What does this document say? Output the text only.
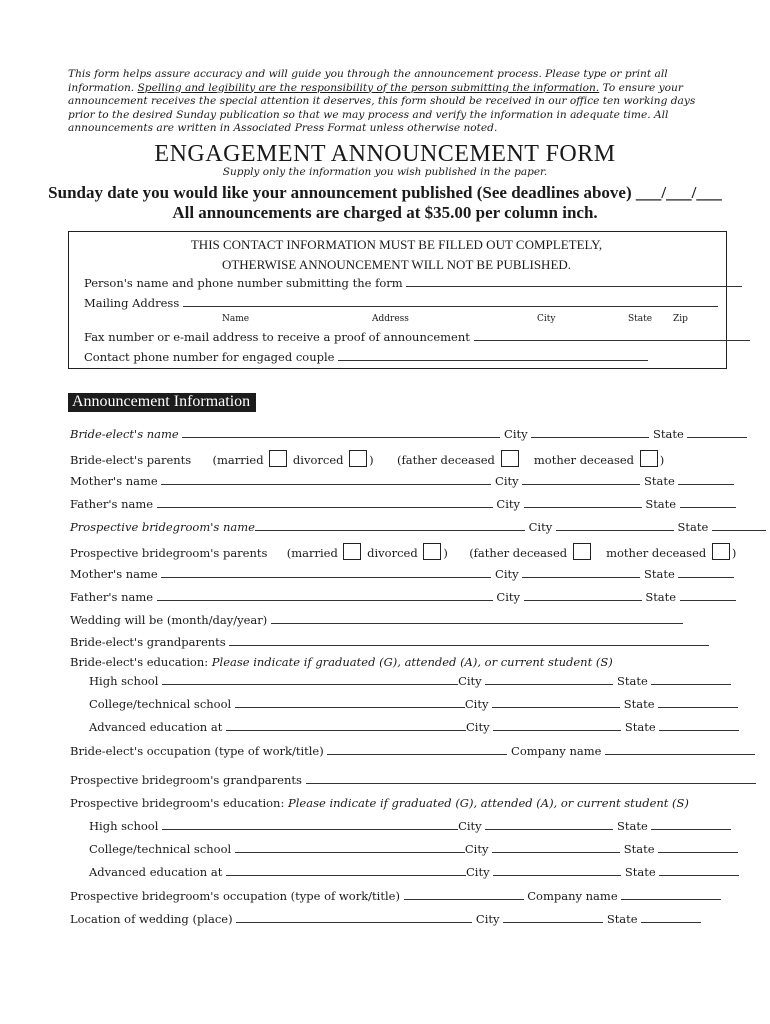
This form helps assure accuracy and will guide you through the announcement process. Please type or print all information. Spelling and legibility are the responsibility of the person submitting the information. To ensure your announcement receives the special attention it deserves, this form should be received in our office ten working days prior to the desired Sunday publication so that we may process and verify the information in adequate time. All announcements are written in Associated Press Format unless otherwise noted.
ENGAGEMENT ANNOUNCEMENT FORM
Supply only the information you wish published in the paper.
Sunday date you would like your announcement published (See deadlines above) ___/___/___
All announcements are charged at $35.00 per column inch.
THIS CONTACT INFORMATION MUST BE FILLED OUT COMPLETELY,
OTHERWISE ANNOUNCEMENT WILL NOT BE PUBLISHED.
Person's name and phone number submitting the form
Mailing Address
Name	Address	City	State Zip
Fax number or e-mail address to receive a proof of announcement
Contact phone number for engaged couple
Announcement Information
Bride-elect's name	City	State
Bride-elect's parents (married	divorced ) (father deceased	mother deceased )
Mother's name	City	State
Father's name	City	State
Prospective bridegroom's name	City	State
Prospective bridegroom's parents (married	divorced ) (father deceased	mother deceased )
Mother's name	City	State
Father's name	City	State
Wedding will be (month/day/year)
Bride-elect's grandparents
Bride-elect's education: Please indicate if graduated (G), attended (A), or current student (S)
High school	City	State
College/technical school	City	State
Advanced education at	City	State
Bride-elect's occupation (type of work/title)	Company name
Prospective bridegroom's grandparents
Prospective bridegroom's education: Please indicate if graduated (G), attended (A), or current student (S)
High school	City	State
College/technical school	City	State
Advanced education at	City	State
Prospective bridegroom's occupation (type of work/title)	Company name
Location of wedding (place)	City	State
